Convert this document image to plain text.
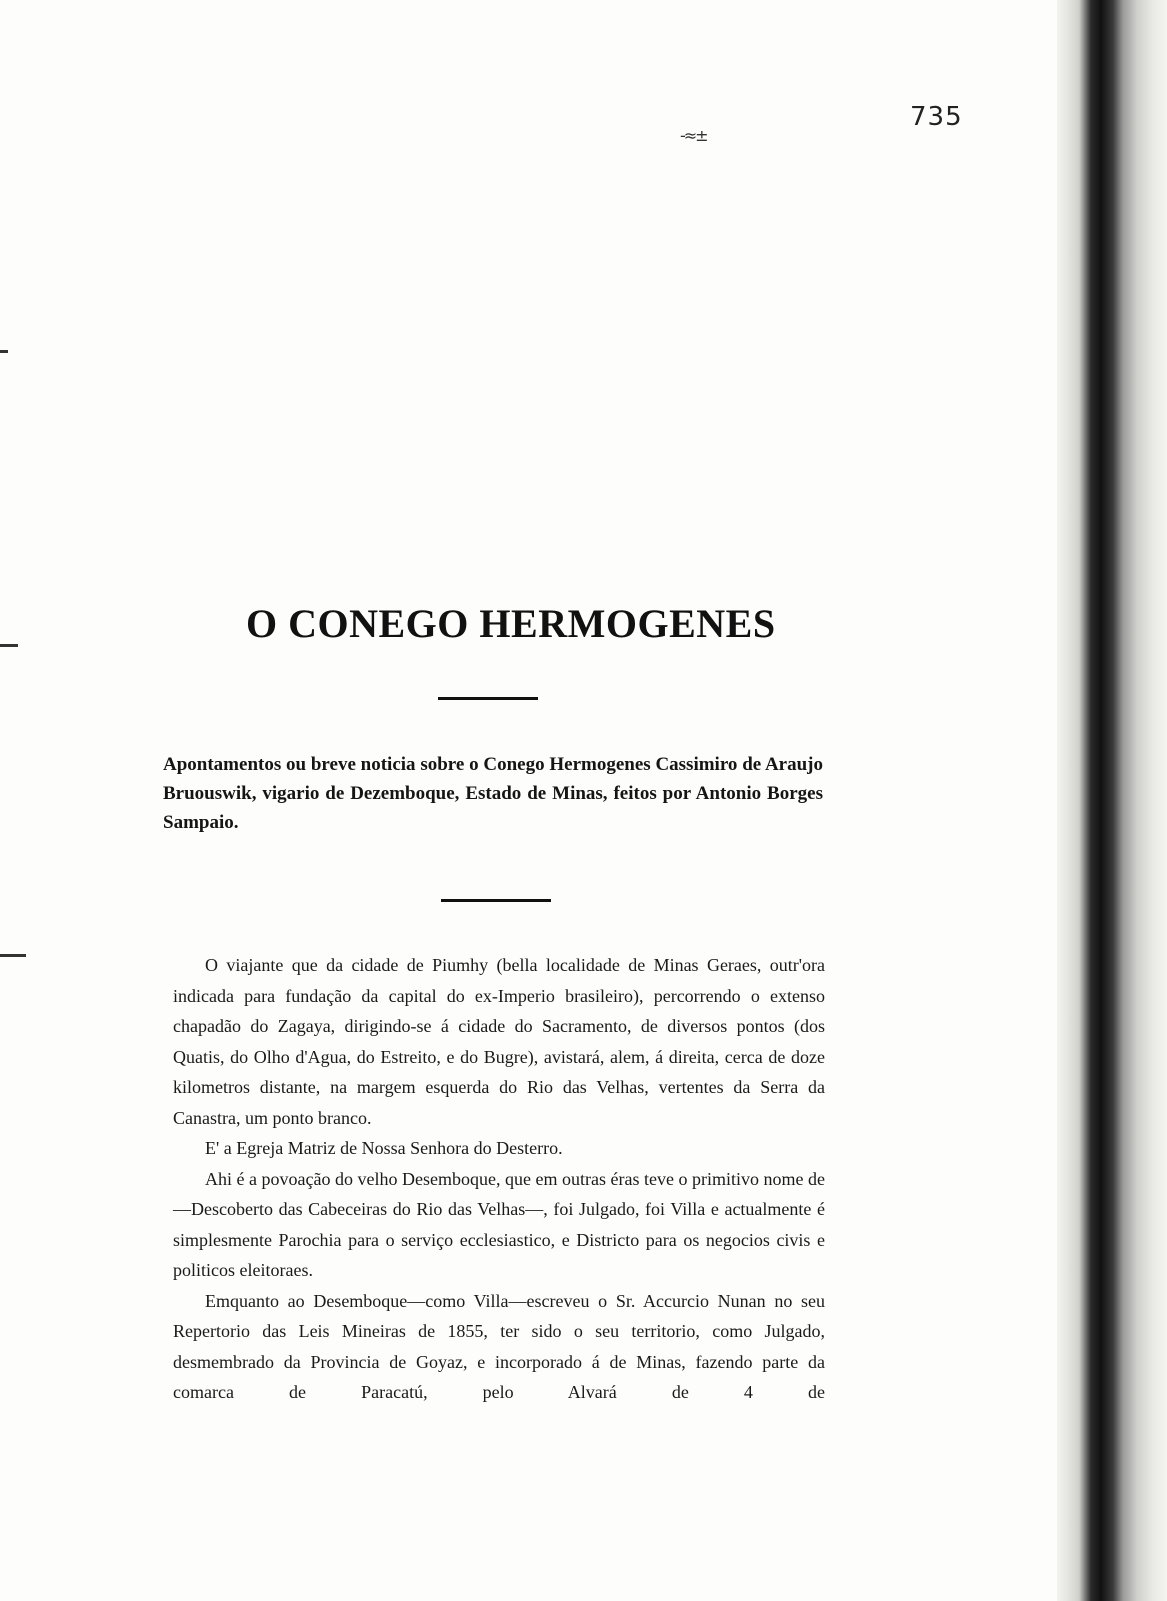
-≈±
735
O CONEGO HERMOGENES

Apontamentos ou breve noticia sobre o Conego Hermogenes Cassimiro de Araujo Bruouswik, vigario de Dezemboque, Estado de Minas, feitos por Antonio Borges Sampaio.

O viajante que da cidade de Piumhy (bella localidade de Minas Geraes, outr'ora indicada para fundação da capital do ex-Imperio brasileiro), percorrendo o extenso chapadão do Zagaya, dirigindo-se á cidade do Sacramento, de diversos pontos (dos Quatis, do Olho d'Agua, do Estreito, e do Bugre), avistará, alem, á direita, cerca de doze kilometros distante, na margem esquerda do Rio das Velhas, vertentes da Serra da Canastra, um ponto branco.

E' a Egreja Matriz de Nossa Senhora do Desterro.

Ahi é a povoação do velho Desemboque, que em outras éras teve o primitivo nome de—Descoberto das Cabeceiras do Rio das Velhas—, foi Julgado, foi Villa e actualmente é simplesmente Parochia para o serviço ecclesiastico, e Districto para os negocios civis e politicos eleitoraes.

Emquanto ao Desemboque—como Villa—escreveu o Sr. Accurcio Nunan no seu Repertorio das Leis Mineiras de 1855, ter sido o seu territorio, como Julgado, desmembrado da Provincia de Goyaz, e incorporado á de Minas, fazendo parte da comarca de Paracatú, pelo Alvará de 4 de
